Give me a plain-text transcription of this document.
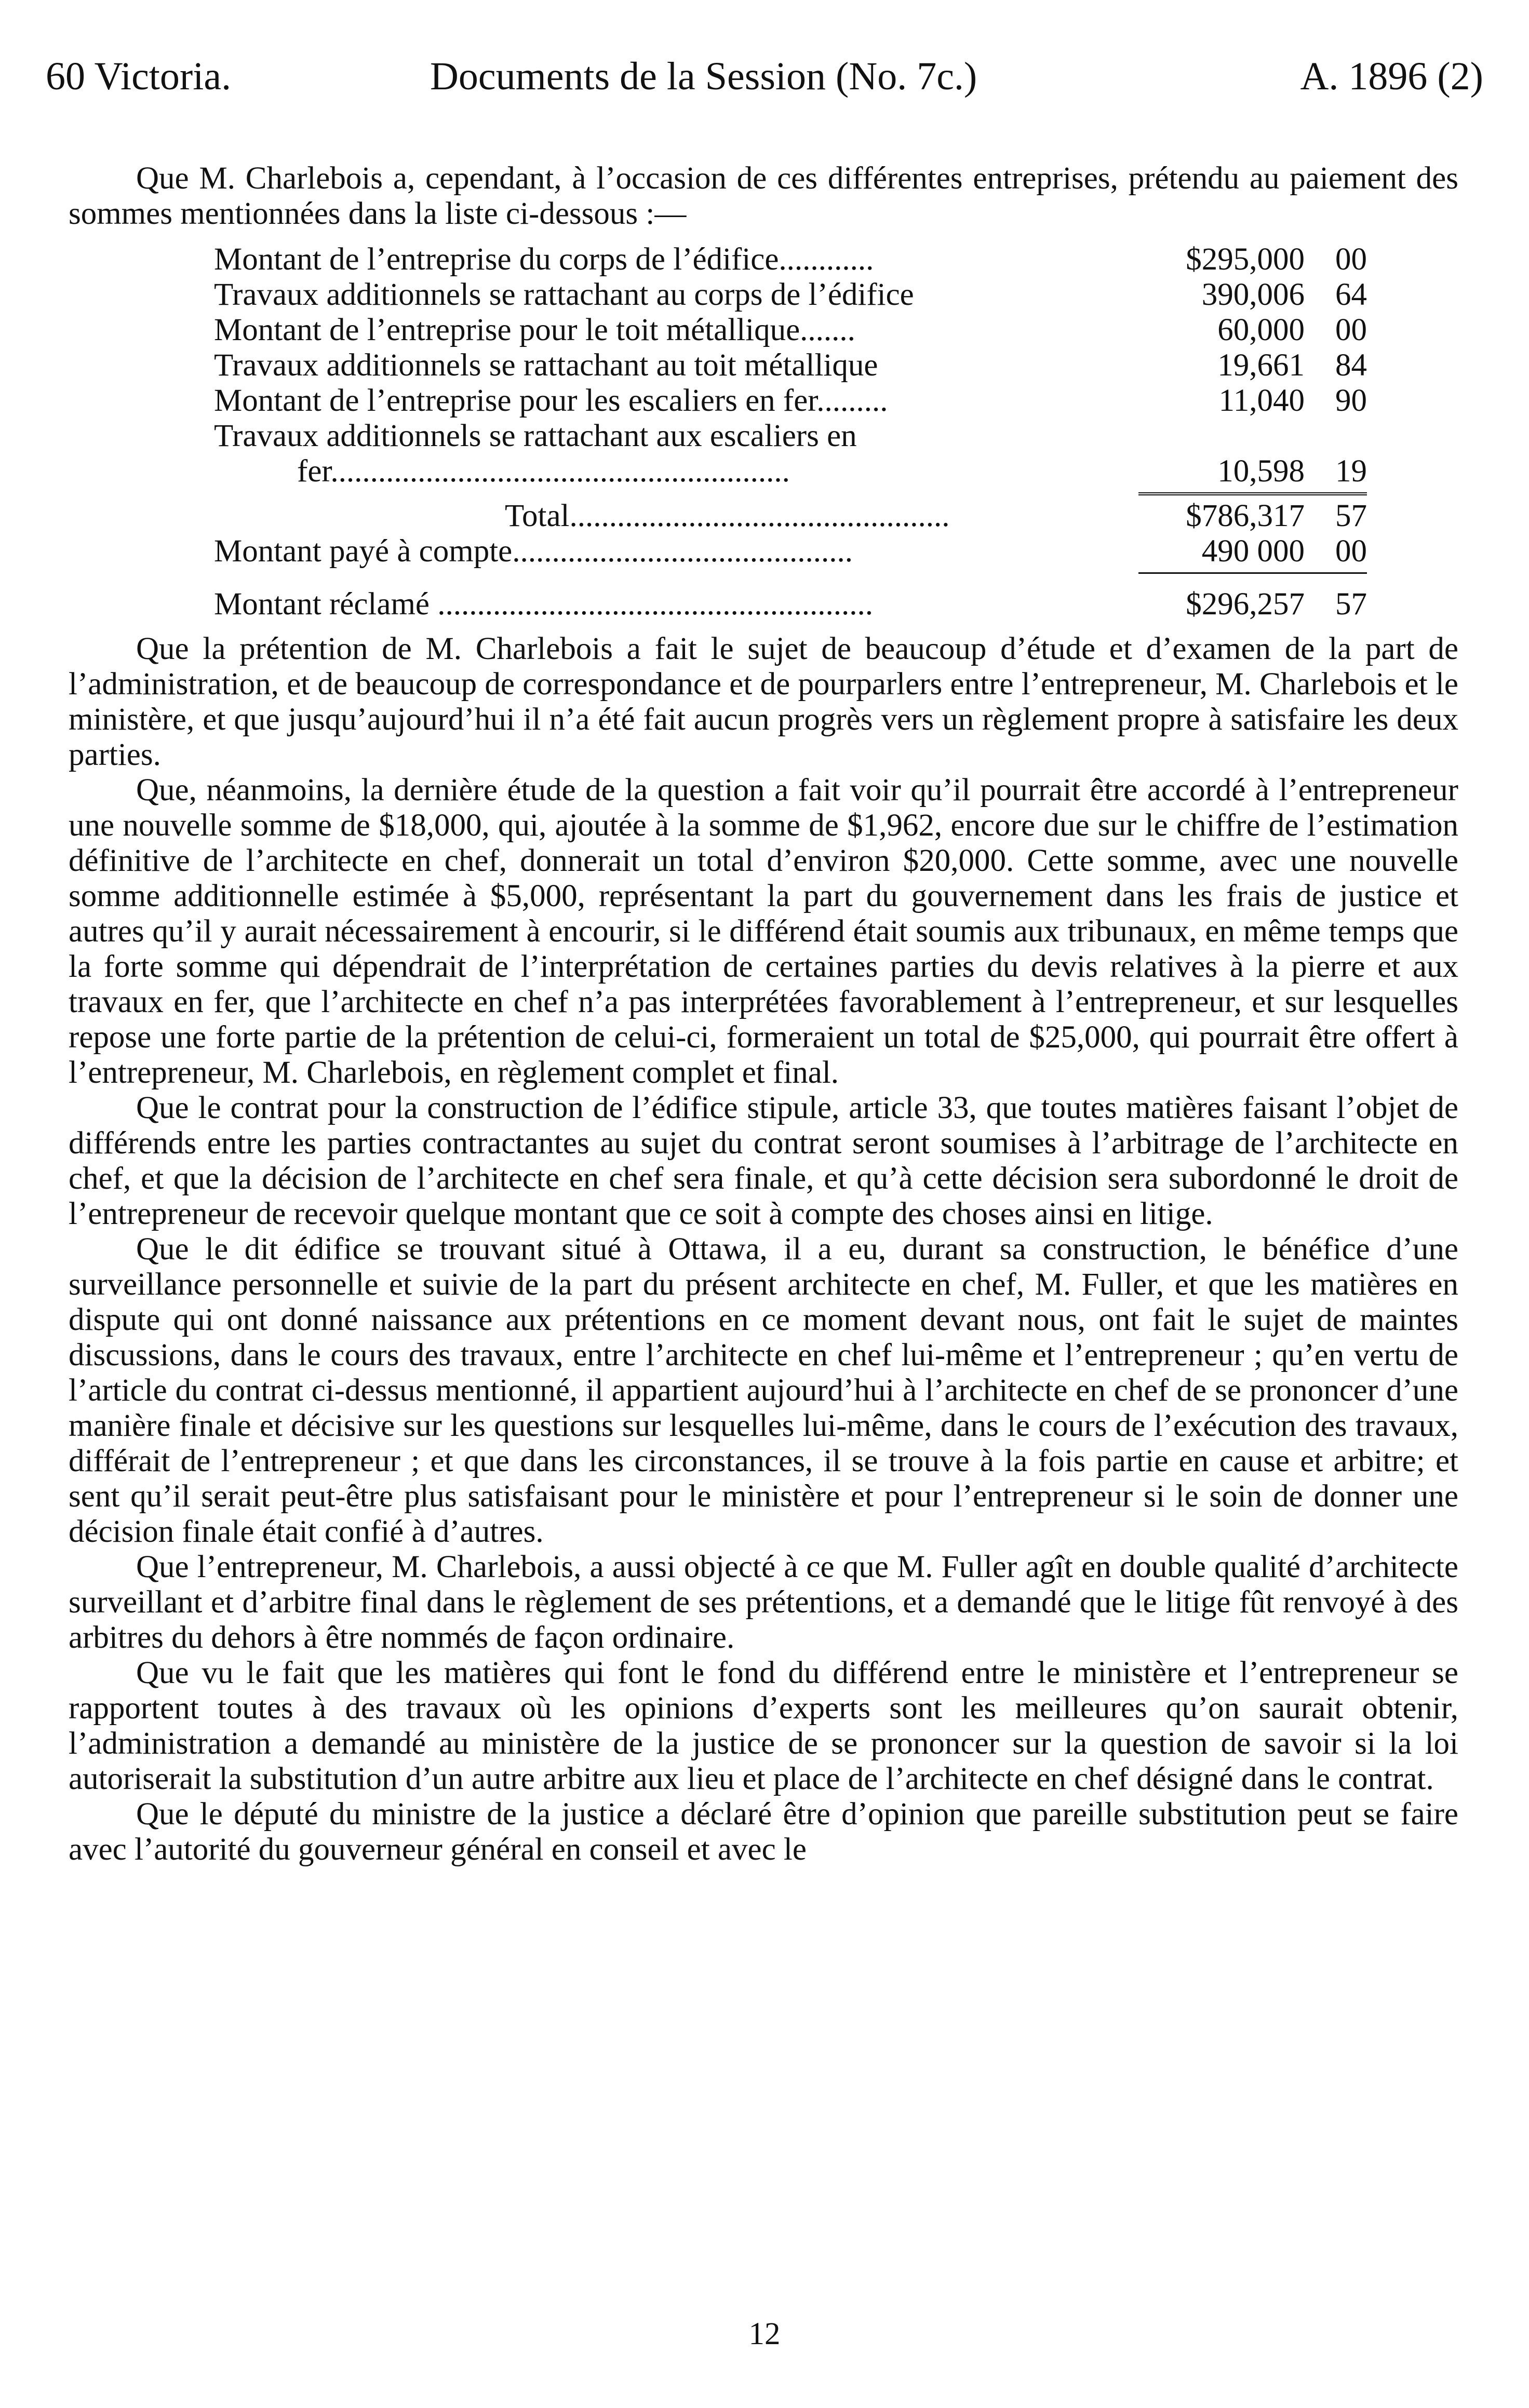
60 Victoria.	Documents de la Session (No. 7c.)	A. 1896 (2)

Que M. Charlebois a, cependant, à l’occasion de ces différentes entreprises, prétendu au paiement des sommes mentionnées dans la liste ci-dessous :—

Montant de l’entreprise du corps de l’édifice............	$295,000 00
Travaux additionnels se rattachant au corps de l’édifice	390,006 64
Montant de l’entreprise pour le toit métallique.......	60,000 00
Travaux additionnels se rattachant au toit métallique	19,661 84
Montant de l’entreprise pour les escaliers en fer.........	11,040 90
Travaux additionnels se rattachant aux escaliers en
fer..........................................................	10,598 19
Total................................................	$786,317 57
Montant payé à compte...........................................	490 000 00
Montant réclamé .......................................................	$296,257 57

Que la prétention de M. Charlebois a fait le sujet de beaucoup d’étude et d’examen de la part de l’administration, et de beaucoup de correspondance et de pourparlers entre l’entrepreneur, M. Charlebois et le ministère, et que jusqu’aujourd’hui il n’a été fait aucun progrès vers un règlement propre à satisfaire les deux parties.

Que, néanmoins, la dernière étude de la question a fait voir qu’il pourrait être accordé à l’entrepreneur une nouvelle somme de $18,000, qui, ajoutée à la somme de $1,962, encore due sur le chiffre de l’estimation définitive de l’architecte en chef, donnerait un total d’environ $20,000. Cette somme, avec une nouvelle somme additionnelle estimée à $5,000, représentant la part du gouvernement dans les frais de justice et autres qu’il y aurait nécessairement à encourir, si le différend était soumis aux tribunaux, en même temps que la forte somme qui dépendrait de l’interprétation de certaines parties du devis relatives à la pierre et aux travaux en fer, que l’architecte en chef n’a pas interprétées favorablement à l’entrepreneur, et sur lesquelles repose une forte partie de la prétention de celui-ci, formeraient un total de $25,000, qui pourrait être offert à l’entrepreneur, M. Charlebois, en règlement complet et final.

Que le contrat pour la construction de l’édifice stipule, article 33, que toutes matières faisant l’objet de différends entre les parties contractantes au sujet du contrat seront soumises à l’arbitrage de l’architecte en chef, et que la décision de l’architecte en chef sera finale, et qu’à cette décision sera subordonné le droit de l’entrepreneur de recevoir quelque montant que ce soit à compte des choses ainsi en litige.

Que le dit édifice se trouvant situé à Ottawa, il a eu, durant sa construction, le bénéfice d’une surveillance personnelle et suivie de la part du présent architecte en chef, M. Fuller, et que les matières en dispute qui ont donné naissance aux prétentions en ce moment devant nous, ont fait le sujet de maintes discussions, dans le cours des travaux, entre l’architecte en chef lui-même et l’entrepreneur ; qu’en vertu de l’article du contrat ci-dessus mentionné, il appartient aujourd’hui à l’architecte en chef de se prononcer d’une manière finale et décisive sur les questions sur lesquelles lui-même, dans le cours de l’exécution des travaux, différait de l’entrepreneur ; et que dans les circonstances, il se trouve à la fois partie en cause et arbitre; et sent qu’il serait peut-être plus satisfaisant pour le ministère et pour l’entrepreneur si le soin de donner une décision finale était confié à d’autres.

Que l’entrepreneur, M. Charlebois, a aussi objecté à ce que M. Fuller agît en double qualité d’architecte surveillant et d’arbitre final dans le règlement de ses prétentions, et a demandé que le litige fût renvoyé à des arbitres du dehors à être nommés de façon ordinaire.

Que vu le fait que les matières qui font le fond du différend entre le ministère et l’entrepreneur se rapportent toutes à des travaux où les opinions d’experts sont les meilleures qu’on saurait obtenir, l’administration a demandé au ministère de la justice de se prononcer sur la question de savoir si la loi autoriserait la substitution d’un autre arbitre aux lieu et place de l’architecte en chef désigné dans le contrat.

Que le député du ministre de la justice a déclaré être d’opinion que pareille substitution peut se faire avec l’autorité du gouverneur général en conseil et avec le

12
